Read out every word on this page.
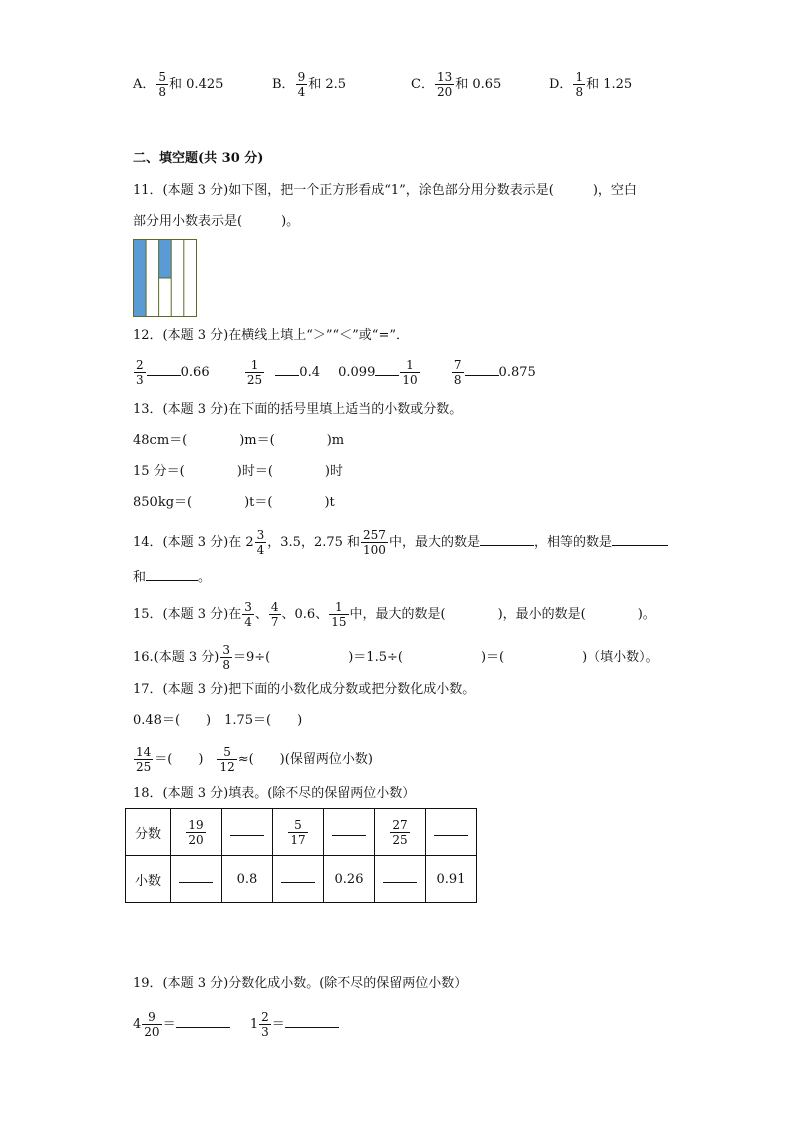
A． $\frac{5}{8}$ 和 0.425	B． $\frac{9}{4}$ 和 2.5	C． $\frac{13}{20}$ 和 0.65	D． $\frac{1}{8}$ 和 1.25
二、填空题(共 30 分)
11．(本题 3 分)如下图，把一个正方形看成“1”，涂色部分用分数表示是(　　　)，空白
部分用小数表示是(　　　)。
12．(本题 3 分)在横线上填上“＞”“＜”或“=”．
$\frac{2}{3}$	0.66	$\frac{1}{25}$	0.4 $0.099 \frac{1}{10}$
	$\frac{7}{8}$	0.875
13．(本题 3 分)在下面的括号里填上适当的小数或分数。
48cm＝(　　　　)m＝(　　　　)m
15 分＝(　　　　)时＝(　　　　)时
850kg＝(　　　　)t＝(　　　　)t
14．(本题 3 分)在 $2 \frac{3}{4}$ ，3.5，2.75 和 $\frac{257}{100}$ 中，最大的数是	，相等的数是
和	。
15．(本题 3 分)在 $\frac{3}{4}$ 、 $\frac{4}{7}$ 、0.6、 $\frac{1}{15}$ 中，最大的数是(　　　　)，最小的数是(　　　　)。
16.(本题 3 分) $\frac{3}{8} =9\div$(　　　　　　)＝1.5÷(　　　　　　)＝(　　　　　　)（填小数）。
17．(本题 3 分)把下面的小数化成分数或把分数化成小数。
0.48＝(　　)　1.75＝(　　)
$\frac{14}{25}$ ＝(　　)　 $\frac{5}{12}$ ≈(　　)(保留两位小数)
18．(本题 3 分)填表。(除不尽的保留两位小数）
分数	$\frac{19}{20}$		$\frac{5}{17}$		$\frac{27}{25}$

小数		0.8		0.26		0.91
19．(本题 3 分)分数化成小数。(除不尽的保留两位小数）
$4 \frac{9}{20}$ ＝	$1 \frac{2}{3}$ ＝
